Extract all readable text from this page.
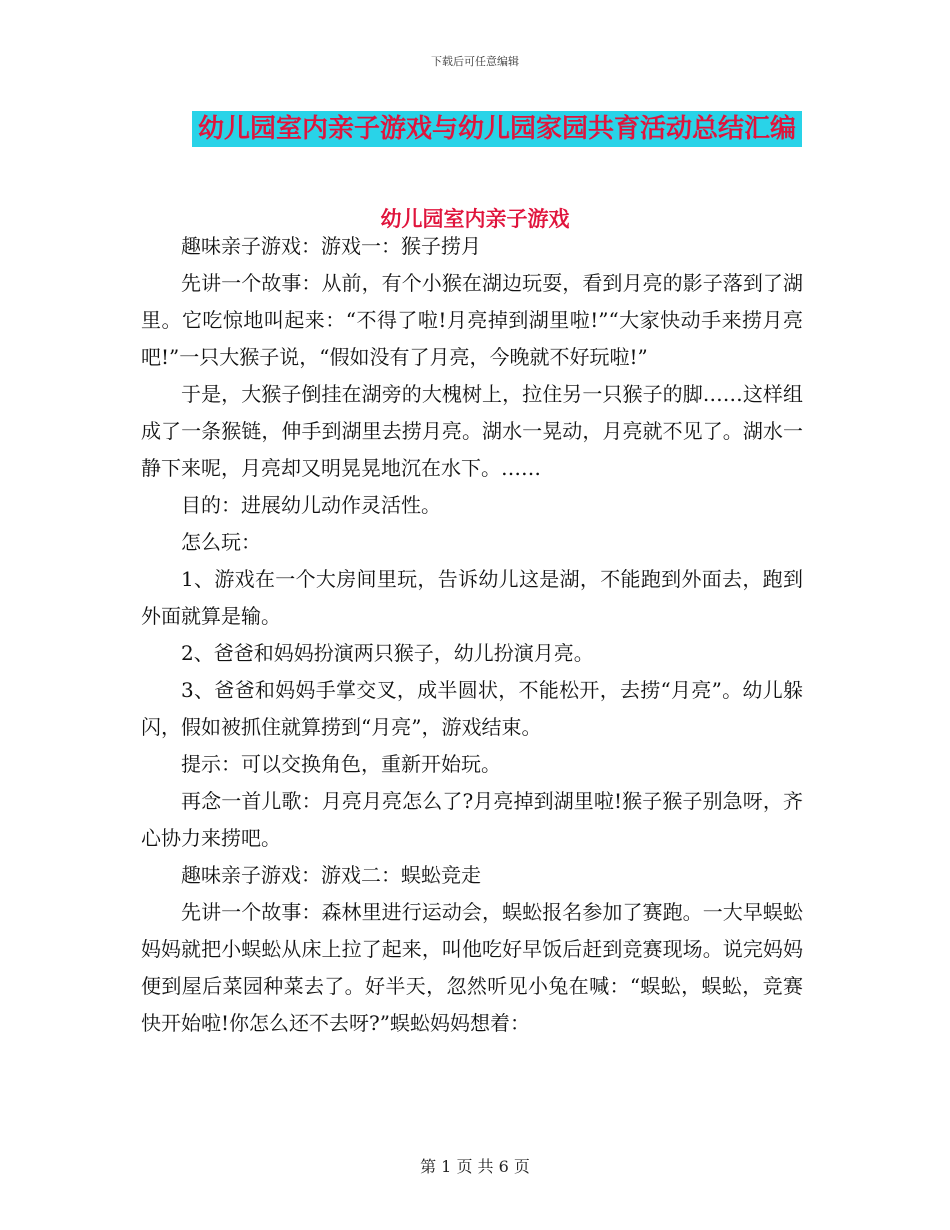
下载后可任意编辑
幼儿园室内亲子游戏与幼儿园家园共育活动总结汇编
幼儿园室内亲子游戏

趣味亲子游戏：游戏一：猴子捞月

先讲一个故事：从前，有个小猴在湖边玩耍，看到月亮的影子落到了湖里。它吃惊地叫起来：“不得了啦!月亮掉到湖里啦!”“大家快动手来捞月亮吧!”一只大猴子说，“假如没有了月亮，今晚就不好玩啦!”

于是，大猴子倒挂在湖旁的大槐树上，拉住另一只猴子的脚……这样组成了一条猴链，伸手到湖里去捞月亮。湖水一晃动，月亮就不见了。湖水一静下来呢，月亮却又明晃晃地沉在水下。……

目的：进展幼儿动作灵活性。

怎么玩：

1、游戏在一个大房间里玩，告诉幼儿这是湖，不能跑到外面去，跑到外面就算是输。

2、爸爸和妈妈扮演两只猴子，幼儿扮演月亮。

3、爸爸和妈妈手掌交叉，成半圆状，不能松开，去捞“月亮”。幼儿躲闪，假如被抓住就算捞到“月亮”，游戏结束。

提示：可以交换角色，重新开始玩。

再念一首儿歌：月亮月亮怎么了?月亮掉到湖里啦!猴子猴子别急呀，齐心协力来捞吧。

趣味亲子游戏：游戏二：蜈蚣竞走

先讲一个故事：森林里进行运动会，蜈蚣报名参加了赛跑。一大早蜈蚣妈妈就把小蜈蚣从床上拉了起来，叫他吃好早饭后赶到竞赛现场。说完妈妈便到屋后菜园种菜去了。好半天，忽然听见小兔在喊：“蜈蚣，蜈蚣，竞赛快开始啦!你怎么还不去呀?”蜈蚣妈妈想着：

第 1 页 共 6 页
